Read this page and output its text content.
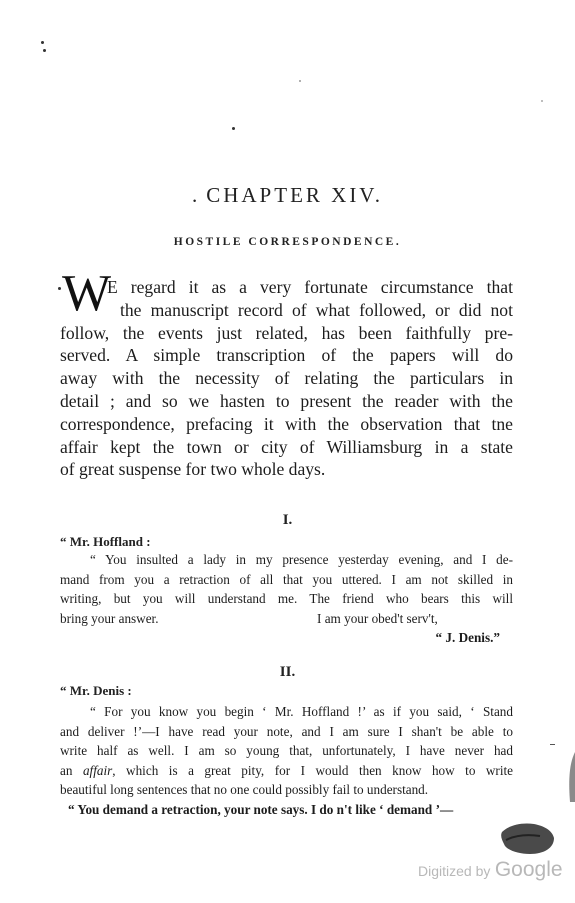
. CHAPTER XIV.
HOSTILE CORRESPONDENCE.
W
E regard it as a very fortunate circumstance that
the manuscript record of what followed, or did not
follow, the events just related, has been faithfully pre-
served. A simple transcription of the papers will do
away with the necessity of relating the particulars in
detail ; and so we hasten to present the reader with the
correspondence, prefacing it with the observation that tne
affair kept the town or city of Williamsburg in a state
of great suspense for two whole days.
I.
“ Mr. Hoffland :
“ You insulted a lady in my presence yesterday evening, and I de-
mand from you a retraction of all that you uttered. I am not skilled in
writing, but you will understand me. The friend who bears this will
bring your answer.	I am your obed't serv't,
“ J. Denis.”
II.
“ Mr. Denis :
“ For you know you begin ‘ Mr. Hoffland !’ as if you said, ‘ Stand
and deliver !’—I have read your note, and I am sure I shan't be able to
write half as well. I am so young that, unfortunately, I have never had
an affair, which is a great pity, for I would then know how to write
beautiful long sentences that no one could possibly fail to understand.
“ You demand a retraction, your note says. I do n't like ‘ demand ’—
Digitized by Google
